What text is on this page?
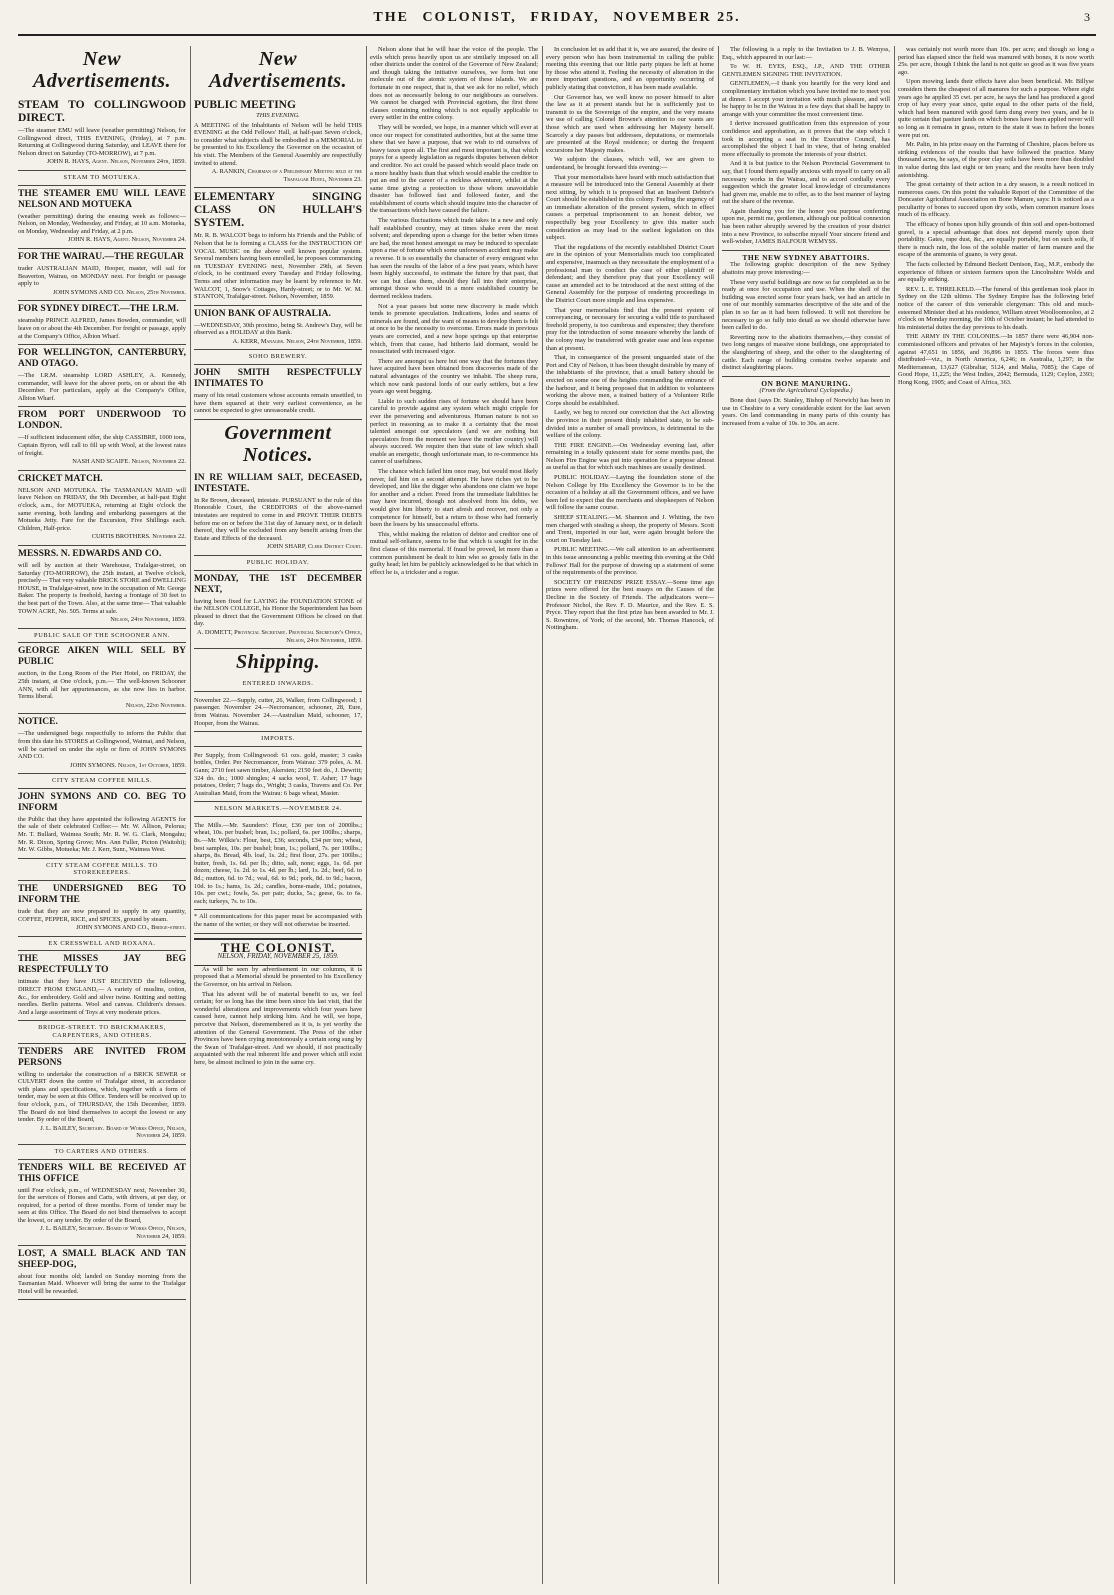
THE COLONIST, FRIDAY, NOVEMBER 25.	3
New Advertisements.
STEAM TO COLLINGWOOD DIRECT.
—The steamer EMU will leave (weather permitting) Nelson, for Collingwood direct, THIS EVENING, (Friday), at 7 p.m. Returning at Collingwood during Saturday, and LEAVE there for Nelson direct on Saturday (TO-MORROW), at 7 p.m.
JOHN R. HAYS, Agent. Nelson, November 24th, 1859.
STEAM TO MOTUEKA.
THE STEAMER EMU WILL LEAVE NELSON AND MOTUEKA
(weather permitting) during the ensuing week as follows:— Nelson, on Monday, Wednesday, and Friday, at 10 a.m. Motueka, on Monday, Wednesday and Friday, at 2 p.m.
JOHN R. HAYS, Agent. Nelson, November 24.
FOR THE WAIRAU.—THE REGULAR
trader AUSTRALIAN MAID, Hooper, master, will sail for Beaverton, Wairau, on MONDAY next. For freight or passage apply to
JOHN SYMONS AND CO. Nelson, 25th November.
FOR SYDNEY DIRECT.—THE I.R.M.
steamship PRINCE ALFRED, James Bowden, commander, will leave on or about the 4th December. For freight or passage, apply at the Company's Office, Albion Wharf.
FOR WELLINGTON, CANTERBURY, AND OTAGO.
—The I.R.M. steamship LORD ASHLEY, A. Kennedy, commander, will leave for the above ports, on or about the 4th December. For particulars, apply at the Company's Office, Albion Wharf.
FROM PORT UNDERWOOD TO LONDON.
—If sufficient inducement offer, the ship CASSIBRE, 1000 tons, Captain Byron, will call to fill up with Wool, at the lowest rates of freight.
NASH AND SCAIFE. Nelson, November 22.
CRICKET MATCH.
NELSON AND MOTUEKA. The TASMANIAN MAID will leave Nelson on FRIDAY, the 9th December, at half-past Eight o'clock, a.m., for MOTUEKA, returning at Eight o'clock the same evening, both landing and embarking passengers at the Motueka Jetty. Fare for the Excursion, Five Shillings each. Children, Half-price.
CURTIS BROTHERS. November 22.
MESSRS. N. EDWARDS AND CO.
will sell by auction at their Warehouse, Trafalgar-street, on Saturday (TO-MORROW), the 25th instant, at Twelve o'clock, precisely— That very valuable BRICK STORE and DWELLING HOUSE, in Trafalgar-street, now in the occupation of Mr. George Baker. The property is freehold, having a frontage of 30 feet to the best part of the Town. Also, at the same time— That valuable TOWN ACRE, No. 505. Terms at sale.
Nelson, 24th November, 1859.
PUBLIC SALE OF THE SCHOONER ANN.
GEORGE AIKEN WILL SELL BY PUBLIC
auction, in the Long Room of the Pier Hotel, on FRIDAY, the 25th instant, at One o'clock, p.m.— The well-known Schooner ANN, with all her appurtenances, as she now lies in harbor. Terms liberal.
Nelson, 22nd November.
NOTICE.
—The undersigned begs respectfully to inform the Public that from this date his STORES at Collingwood, Waimai, and Nelson, will be carried on under the style or firm of JOHN SYMONS AND CO.
JOHN SYMONS. Nelson, 1st October, 1859.
CITY STEAM COFFEE MILLS.
JOHN SYMONS AND CO. BEG TO INFORM
the Public that they have appointed the following AGENTS for the sale of their celebrated Coffee:— Mr. W. Allison, Pelorus; Mr. T. Bullard, Waimea South; Mr. R. W. G. Clark, Mongahu; Mr. R. Dixon, Spring Grove; Mrs. Ann Fuller, Picton (Waitohi); Mr. W. Gibbs, Motueka; Mr. J. Kerr, Sunr., Waimea West.
CITY STEAM COFFEE MILLS. TO STOREKEEPERS.
THE UNDERSIGNED BEG TO INFORM THE
trade that they are now prepared to supply in any quantity, COFFEE, PEPPER, RICE, and SPICES, ground by steam.
JOHN SYMONS AND CO., Bridge-street.
EX CRESSWELL AND ROXANA.
THE MISSES JAY BEG RESPECTFULLY TO
intimate that they have JUST RECEIVED the following, DIRECT FROM ENGLAND,— A variety of muslins, cotton, &c., for embroidery. Gold and silver twine. Knitting and netting needles. Berlin patterns. Wool and canvas. Children's dresses. And a large assortment of Toys at very moderate prices.
BRIDGE-STREET. TO BRICKMAKERS, CARPENTERS, AND OTHERS.
TENDERS ARE INVITED FROM PERSONS
willing to undertake the construction of a BRICK SEWER or CULVERT down the centre of Trafalgar street, in accordance with plans and specifications, which, together with a form of tender, may be seen at this Office. Tenders will be received up to four o'clock, p.m., of THURSDAY, the 15th December, 1859. The Board do not bind themselves to accept the lowest or any tender. By order of the Board,
J. L. BAILEY, Secretary. Board of Works Office, Nelson, November 24, 1859.
TO CARTERS AND OTHERS.
TENDERS WILL BE RECEIVED AT THIS OFFICE
until Four o'clock, p.m., of WEDNESDAY next, November 30, for the services of Horses and Carts, with drivers, at per day, or required, for a period of three months. Form of tender may be seen at this Office. The Board do not bind themselves to accept the lowest, or any tender. By order of the Board,
J. L. BAILEY, Secretary. Board of Works Office, Nelson, November 24, 1859.
LOST, A SMALL BLACK AND TAN SHEEP-DOG,
about four months old; landed on Sunday morning from the Tasmanian Maid. Whoever will bring the same to the Trafalgar Hotel will be rewarded.
New Advertisements.
PUBLIC MEETING
THIS EVENING.
A MEETING of the Inhabitants of Nelson will be held THIS EVENING at the Odd Fellows' Hall, at half-past Seven o'clock, to consider what subjects shall be embodied in a MEMORIAL to be presented to his Excellency the Governor on the occasion of his visit. The Members of the General Assembly are respectfully invited to attend.
A. RANKIN, Chairman of a Preliminary Meeting held at the Trafalgar Hotel, November 23.
ELEMENTARY SINGING CLASS ON HULLAH'S SYSTEM.
Mr. R. B. WALCOT begs to inform his Friends and the Public of Nelson that he is forming a CLASS for the INSTRUCTION OF VOCAL MUSIC on the above well known popular system. Several members having been enrolled, he proposes commencing on TUESDAY EVENING next, November 29th, at Seven o'clock, to be continued every Tuesday and Friday following. Terms and other information may be learnt by reference to Mr. WALCOT, 1, Snow's Cottages, Hardy-street; or to Mr. W. M. STANTON, Trafalgar-street. Nelson, November, 1859.
UNION BANK OF AUSTRALIA.
—WEDNESDAY, 30th proximo, being St. Andrew's Day, will be observed as a HOLIDAY at this Bank.
A. KERR, Manager. Nelson, 24th November, 1859.
SOHO BREWERY.
JOHN SMITH RESPECTFULLY INTIMATES TO
many of his retail customers whose accounts remain unsettled, to have them squared at their very earliest convenience, as he cannot be expected to give unreasonable credit.
Government Notices.
IN RE WILLIAM SALT, DECEASED, INTESTATE.
In Re Brown, deceased, intestate. PURSUANT to the rule of this Honorable Court, the CREDITORS of the above-named intestates are required to come in and PROVE THEIR DEBTS before me on or before the 31st day of January next, or in default thereof, they will be excluded from any benefit arising from the Estate and Effects of the deceased.
JOHN SHARP, Clerk District Court.
PUBLIC HOLIDAY.
MONDAY, THE 1ST DECEMBER NEXT,
having been fixed for LAYING the FOUNDATION STONE of the NELSON COLLEGE, his Honor the Superintendent has been pleased to direct that the Government Offices be closed on that day.
A. DOMETT, Provincial Secretary. Provincial Secretary's Office, Nelson, 24th November, 1859.
Shipping.
ENTERED INWARDS.
November 22.—Supply, cutter, 26, Walker, from Collingwood; 1 passenger. November 24.—Necromancer, schooner, 28, Eure, from Wairau. November 24.—Australian Maid, schooner, 17, Hooper, from the Wairau.
IMPORTS.
Per Supply, from Collingwood: 61 ozs. gold, master; 3 casks bottles, Order. Per Necromancer, from Wairau: 379 poles, A. M. Gann; 2710 feet sawn timber, Akersten; 2150 feet do., J. Dewritt; 324 do. do.; 1000 shingles; 4 sacks wool, T. Asher; 17 bags potatoes, Order; 7 bags do., Wright; 3 casks, Travers and Co. Per Australian Maid, from the Wairau: 6 bags wheat, Master.
NELSON MARKETS.—NOVEMBER 24.
The Mills.—Mr. Saunders': Flour, £36 per ton of 2000lbs.; wheat, 10s. per bushel; bran, 1s.; pollard, 6s. per 100lbs.; sharps, 8s.—Mr. Wilkie's: Flour, best, £36; seconds, £34 per ton; wheat, best samples, 10s. per bushel; bran, 1s.; pollard, 7s. per 100lbs.; sharps, 8s. Bread, 4lb. loaf, 1s. 2d.; first flour, 27s. per 100lbs.; butter, fresh, 1s. 6d. per lb.; ditto, salt, none; eggs, 1s. 6d. per dozen; cheese, 1s. 2d. to 1s. 4d. per lb.; lard, 1s. 2d.; beef, 6d. to 8d.; mutton, 6d. to 7d.; veal, 6d. to 9d.; pork, 8d. to 9d.; bacon, 10d. to 1s.; hams, 1s. 2d.; candles, home-made, 10d.; potatoes, 10s. per cwt.; fowls, 5s. per pair; ducks, 5s.; geese, 6s. to 6s. each; turkeys, 7s. to 10s.
* All communications for this paper must be accompanied with the name of the writer, or they will not otherwise be inserted.
THE COLONIST.
NELSON, FRIDAY, NOVEMBER 25, 1859.

As will be seen by advertisement in our columns, it is proposed that a Memorial should be presented to his Excellency the Governor, on his arrival in Nelson.

That his advent will be of material benefit to us, we feel certain; for so long has the time been since his last visit, that the wonderful alterations and improvements which four years have caused here, cannot help striking him. And he will, we hope, perceive that Nelson, disremembered as it is, is yet worthy the attention of the General Government. The Press of the other Provinces have been crying monotonously a certain song sung by the Swan of Trafalgar-street. And we should, if not practically acquainted with the real inherent life and power which still exist here, be almost inclined to join in the same cry.

Nelson alone that he will hear the voice of the people. The evils which press heavily upon us are similarly imposed on all other districts under the control of the Governor of New Zealand; and though taking the initiative ourselves, we form but one molecule out of the atomic system of these islands. We are fortunate in one respect, that is, that we ask for no relief, which does not as necessarily belong to our neighbours as ourselves. We cannot be charged with Provincial egotism, the first three clauses containing nothing which is not equally applicable to every settler in the entire colony.

They will be worded, we hope, in a manner which will ever at once our respect for constituted authorities, but at the same time shew that we have a purpose, that we wish to rid ourselves of heavy taxes upon all. The first and most important is, that which prays for a speedy legislation as regards disputes between debtor and creditor. No act could be passed which would place trade on a more healthy basis than that which would enable the creditor to put an end to the career of a reckless adventurer, whilst at the same time giving a protection to those whom unavoidable disaster has followed fast and followed faster, and the establishment of courts which should inquire into the character of the transactions which have caused the failure.

The various fluctuations which trade takes in a new and only half established country, may at times shake even the most solvent; and depending upon a change for the better when times are bad, the most honest amongst us may be induced to speculate upon a rise of fortune which some unforeseen accident may make a reverse. It is so essentially the character of every emigrant who has seen the results of the labor of a few past years, which have been highly successful, to estimate the future by that past, that we can but class them, should they fall into their enterprise, amongst those who would in a more established country be deemed reckless traders.

Not a year passes but some new discovery is made which tends to promote speculation. Indications, lodes and seams of minerals are found, and the want of means to develop them is felt at once to be the necessity to overcome. Errors made in previous years are corrected, and a new hope springs up that enterprise which, from that cause, had hitherto laid dormant, would be resuscitated with increased vigor.

There are amongst us here but one way that the fortunes they have acquired have been obtained from discoveries made of the natural advantages of the country we inhabit. The sheep runs, which now rank pastoral lords of our early settlers, but a few years ago went begging.

Liable to such sudden rises of fortune we should have been careful to provide against any system which might cripple for ever the persevering and adventurous. Human nature is not so perfect in reasoning as to make it a certainty that the most talented amongst our speculators (and we are nothing but speculators from the moment we leave the mother country) will always succeed. We require then that state of law which shall enable an energetic, though unfortunate man, to re-commence his career of usefulness.

The chance which failed him once may, but would most likely never, fail him on a second attempt. He have riches yet to be developed, and like the digger who abandons one claim we hope for another and a richer. Freed from the immediate liabilities he may have incurred, though not absolved from his debts, we would give him liberty to start afresh and recover, not only a competence for himself, but a return to those who had formerly been the losers by his unsuccessful efforts.

This, whilst making the relation of debtor and creditor one of mutual self-reliance, seems to be that which is sought for in the first clause of this memorial. If fraud be proved, let more than a common punishment be dealt to him who so grossly fails in the guilty head; let him be publicly acknowledged to be that which in effect he is, a trickster and a rogue.

In conclusion let us add that it is, we are assured, the desire of every person who has been instrumental in calling the public meeting this evening that our little party piques be left at home by those who attend it. Feeling the necessity of alteration in the more important questions, and an opportunity occurring of publicly stating that conviction, it has been made available.

Our Governor has, we well know no power himself to alter the law as it at present stands but he is sufficiently just to transmit to us the Sovereign of the empire, and the very means we use of calling Colonel Browne's attention to our wants are those which are used when addressing her Majesty herself. Scarcely a day passes but addresses, deputations, or memorials are presented at the Royal residence; or during the frequent excursions her Majesty makes.

We subjoin the clauses, which will, we are given to understand, be brought forward this evening:—

That your memorialists have heard with much satisfaction that a measure will be introduced into the General Assembly at their next sitting, by which it is proposed that an Insolvent Debtor's Court should be established in this colony. Feeling the urgency of an immediate alteration of the present system, which in effect causes a perpetual imprisonment to an honest debtor, we respectfully beg your Excellency to give this matter such consideration as may lead to the earliest legislation on this subject.

That the regulations of the recently established District Court are in the opinion of your Memorialists much too complicated and expensive, inasmuch as they necessitate the employment of a professional man to conduct the case of either plaintiff or defendant; and they therefore pray that your Excellency will cause an amended act to be introduced at the next sitting of the General Assembly for the purpose of rendering proceedings in the District Court more simple and less expensive.

That your memorialists find that the present system of conveyancing, or necessary for securing a valid title to purchased freehold property, is too cumbrous and expensive; they therefore pray for the introduction of some measure whereby the lands of the colony may be transferred with greater ease and less expense than at present.

That, in consequence of the present unguarded state of the Port and City of Nelson, it has been thought desirable by many of the inhabitants of the province, that a small battery should be erected on some one of the heights commanding the entrance of the harbour, and it being proposed that in addition to volunteers working the above men, a trained battery of a Volunteer Rifle Corps should be established.

Lastly, we beg to record our conviction that the Act allowing the province in their present thinly inhabited state, to be sub-divided into a number of small provinces, is detrimental to the welfare of the colony.

THE FIRE ENGINE.—On Wednesday evening last, after remaining in a totally quiescent state for some months past, the Nelson Fire Engine was put into operation for a purpose almost as useful as that for which such machines are usually destined.

PUBLIC HOLIDAY.—Laying the foundation stone of the Nelson College by His Excellency the Governor is to be the occasion of a holiday at all the Government offices, and we have been led to expect that the merchants and shopkeepers of Nelson will follow the same course.

SHEEP STEALING.—M. Shannon and J. Whiting, the two men charged with stealing a sheep, the property of Messrs. Scott and Trent, imported in our last, were again brought before the court on Tuesday last.

PUBLIC MEETING.—We call attention to an advertisement in this issue announcing a public meeting this evening at the Odd Fellows' Hall for the purpose of drawing up a statement of some of the requirements of the province.

SOCIETY OF FRIENDS' PRIZE ESSAY.—Some time ago prizes were offered for the best essays on the Causes of the Decline in the Society of Friends. The adjudicators were—Professor Nichol, the Rev. F. D. Maurice, and the Rev. E. S. Pryce. They report that the first prize has been awarded to Mr. J. S. Rowntree, of York; of the second, Mr. Thomas Hancock, of Nottingham.

The following is a reply to the Invitation to J. B. Wemyss, Esq., which appeared in our last:—

To W. H. EYES, ESQ., J.P., AND THE OTHER GENTLEMEN SIGNING THE INVITATION.

GENTLEMEN,—I thank you heartily for the very kind and complimentary invitation which you have invited me to meet you at dinner. I accept your invitation with much pleasure, and will be happy to be in the Wairau in a few days that shall be happy to arrange with your committee the most convenient time.

I derive increased gratification from this expression of your confidence and approbation, as it proves that the step which I took in accepting a seat in the Executive Council, has accomplished the object I had in view, that of being enabled more effectually to promote the interests of your district.

And it is but justice to the Nelson Provincial Government to say, that I found them equally anxious with myself to carry on all necessary works in the Wairau, and to accord cordially every suggestion which the greater local knowledge of circumstances had given me, enable me to offer, as to the best manner of laying out the share of the revenue.

Again thanking you for the honor you purpose conferring upon me, permit me, gentlemen, although our political connexion has been rather abruptly severed by the creation of your district into a new Province, to subscribe myself Your sincere friend and well-wisher, JAMES BALFOUR WEMYSS.

THE NEW SYDNEY ABATTOIRS.

The following graphic description of the new Sydney abattoirs may prove interesting:—

These very useful buildings are now so far completed as to be ready at once for occupation and use. When the shell of the building was erected some four years back, we had an article in one of our monthly summaries descriptive of the site and of the plan in so far as it had been followed. It will not therefore be necessary to go so fully into detail as we should otherwise have been called to do.

Reverting now to the abattoirs themselves,—they consist of two long ranges of massive stone buildings, one appropriated to the slaughtering of sheep, and the other to the slaughtering of cattle. Each range of building contains twelve separate and distinct slaughtering places.

ON BONE MANURING.
(From the Agricultural Cyclopedia.)

Bone dust (says Dr. Stanley, Bishop of Norwich) has been in use in Cheshire to a very considerable extent for the last seven years. On land commanding in many parts of this county has increased from a value of 10s. to 30s. an acre.

was certainly not worth more than 10s. per acre; and though so long a period has elapsed since the field was manured with bones, it is now worth 25s. per acre, though I think the land is not quite so good as it was five years ago.

Upon mowing lands their effects have also been beneficial. Mr. Billyse considers them the cheapest of all manures for such a purpose. Where eight years ago he applied 35 cwt. per acre, he says the land has produced a good crop of hay every year since, quite equal to the other parts of the field, which had been manured with good farm dung every two years, and he is quite certain that pasture lands on which bones have been applied never will so long as it remains in grass, return to the state it was in before the bones were put on.

Mr. Palin, in his prize essay on the Farming of Cheshire, places before us striking evidences of the results that have followed the practice. Many thousand acres, he says, of the poor clay soils have been more than doubled in value during this last eight or ten years; and the results have been truly astonishing.

The great certainty of their action in a dry season, is a result noticed in numerous cases. On this point the valuable Report of the Committee of the Doncaster Agricultural Association on Bone Manure, says: It is noticed as a peculiarity of bones to succeed upon dry soils, when common manure loses much of its efficacy.

The efficacy of bones upon hilly grounds of thin soil and open-bottomed gravel, is a special advantage that does not depend merely upon their portability. Gates, rape dust, &c., are equally portable, but on such soils, if there is much rain, the loss of the soluble matter of farm manure and the escape of the ammonia of guano, is very great.

The facts collected by Edmund Beckett Denison, Esq., M.P., embody the experience of fifteen or sixteen farmers upon the Lincolnshire Wolds and are equally striking.

REV. L. E. THRELKELD.—The funeral of this gentleman took place in Sydney on the 12th ultimo. The Sydney Empire has the following brief notice of the career of this venerable clergyman: This old and much-esteemed Minister died at his residence, William street Woolloomooloo, at 2 o'clock on Monday morning, the 10th of October instant; he had attended to his ministerial duties the day previous to his death.

THE ARMY IN THE COLONIES.—In 1857 there were 46,904 non-commissioned officers and privates of her Majesty's forces in the colonies, against 47,651 in 1856, and 36,896 in 1855. The forces were thus distributed—viz., in North America, 6,246; in Australia, 1,297; in the Mediterranean, 13,627 (Gibraltar, 5124, and Malta, 7085); the Cape of Good Hope, 11,225; the West Indies, 2042; Bermuda, 1129; Ceylon, 2393; Hong Kong, 1905; and Coast of Africa, 363.
